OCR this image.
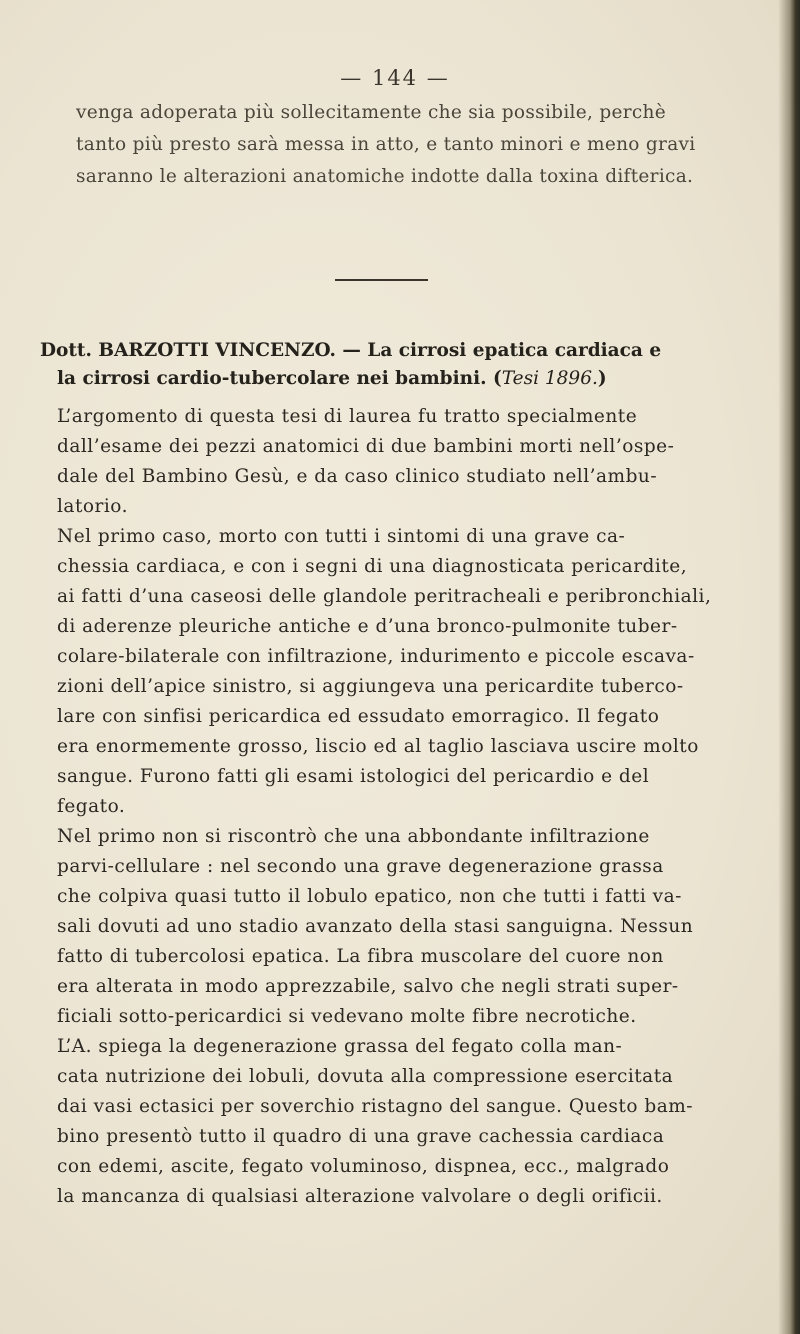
— 144 —
venga adoperata più sollecitamente che sia possibile, perchè
tanto più presto sarà messa in atto, e tanto minori e meno gravi
saranno le alterazioni anatomiche indotte dalla toxina difterica.
Dott. BARZOTTI VINCENZO. — La cirrosi epatica cardiaca e
la cirrosi cardio-tubercolare nei bambini. (Tesi 1896.)
L’argomento di questa tesi di laurea fu tratto specialmente
dall’esame dei pezzi anatomici di due bambini morti nell’ospe-
dale del Bambino Gesù, e da caso clinico studiato nell’ambu-
latorio.
Nel primo caso, morto con tutti i sintomi di una grave ca-
chessia cardiaca, e con i segni di una diagnosticata pericardite,
ai fatti d’una caseosi delle glandole peritracheali e peribronchiali,
di aderenze pleuriche antiche e d’una bronco-pulmonite tuber-
colare-bilaterale con infiltrazione, indurimento e piccole escava-
zioni dell’apice sinistro, si aggiungeva una pericardite tuberco-
lare con sinfisi pericardica ed essudato emorragico. Il fegato
era enormemente grosso, liscio ed al taglio lasciava uscire molto
sangue. Furono fatti gli esami istologici del pericardio e del
fegato.
Nel primo non si riscontrò che una abbondante infiltrazione
parvi-cellulare : nel secondo una grave degenerazione grassa
che colpiva quasi tutto il lobulo epatico, non che tutti i fatti va-
sali dovuti ad uno stadio avanzato della stasi sanguigna. Nessun
fatto di tubercolosi epatica. La fibra muscolare del cuore non
era alterata in modo apprezzabile, salvo che negli strati super-
ficiali sotto-pericardici si vedevano molte fibre necrotiche.
L’A. spiega la degenerazione grassa del fegato colla man-
cata nutrizione dei lobuli, dovuta alla compressione esercitata
dai vasi ectasici per soverchio ristagno del sangue. Questo bam-
bino presentò tutto il quadro di una grave cachessia cardiaca
con edemi, ascite, fegato voluminoso, dispnea, ecc., malgrado
la mancanza di qualsiasi alterazione valvolare o degli orificii.
